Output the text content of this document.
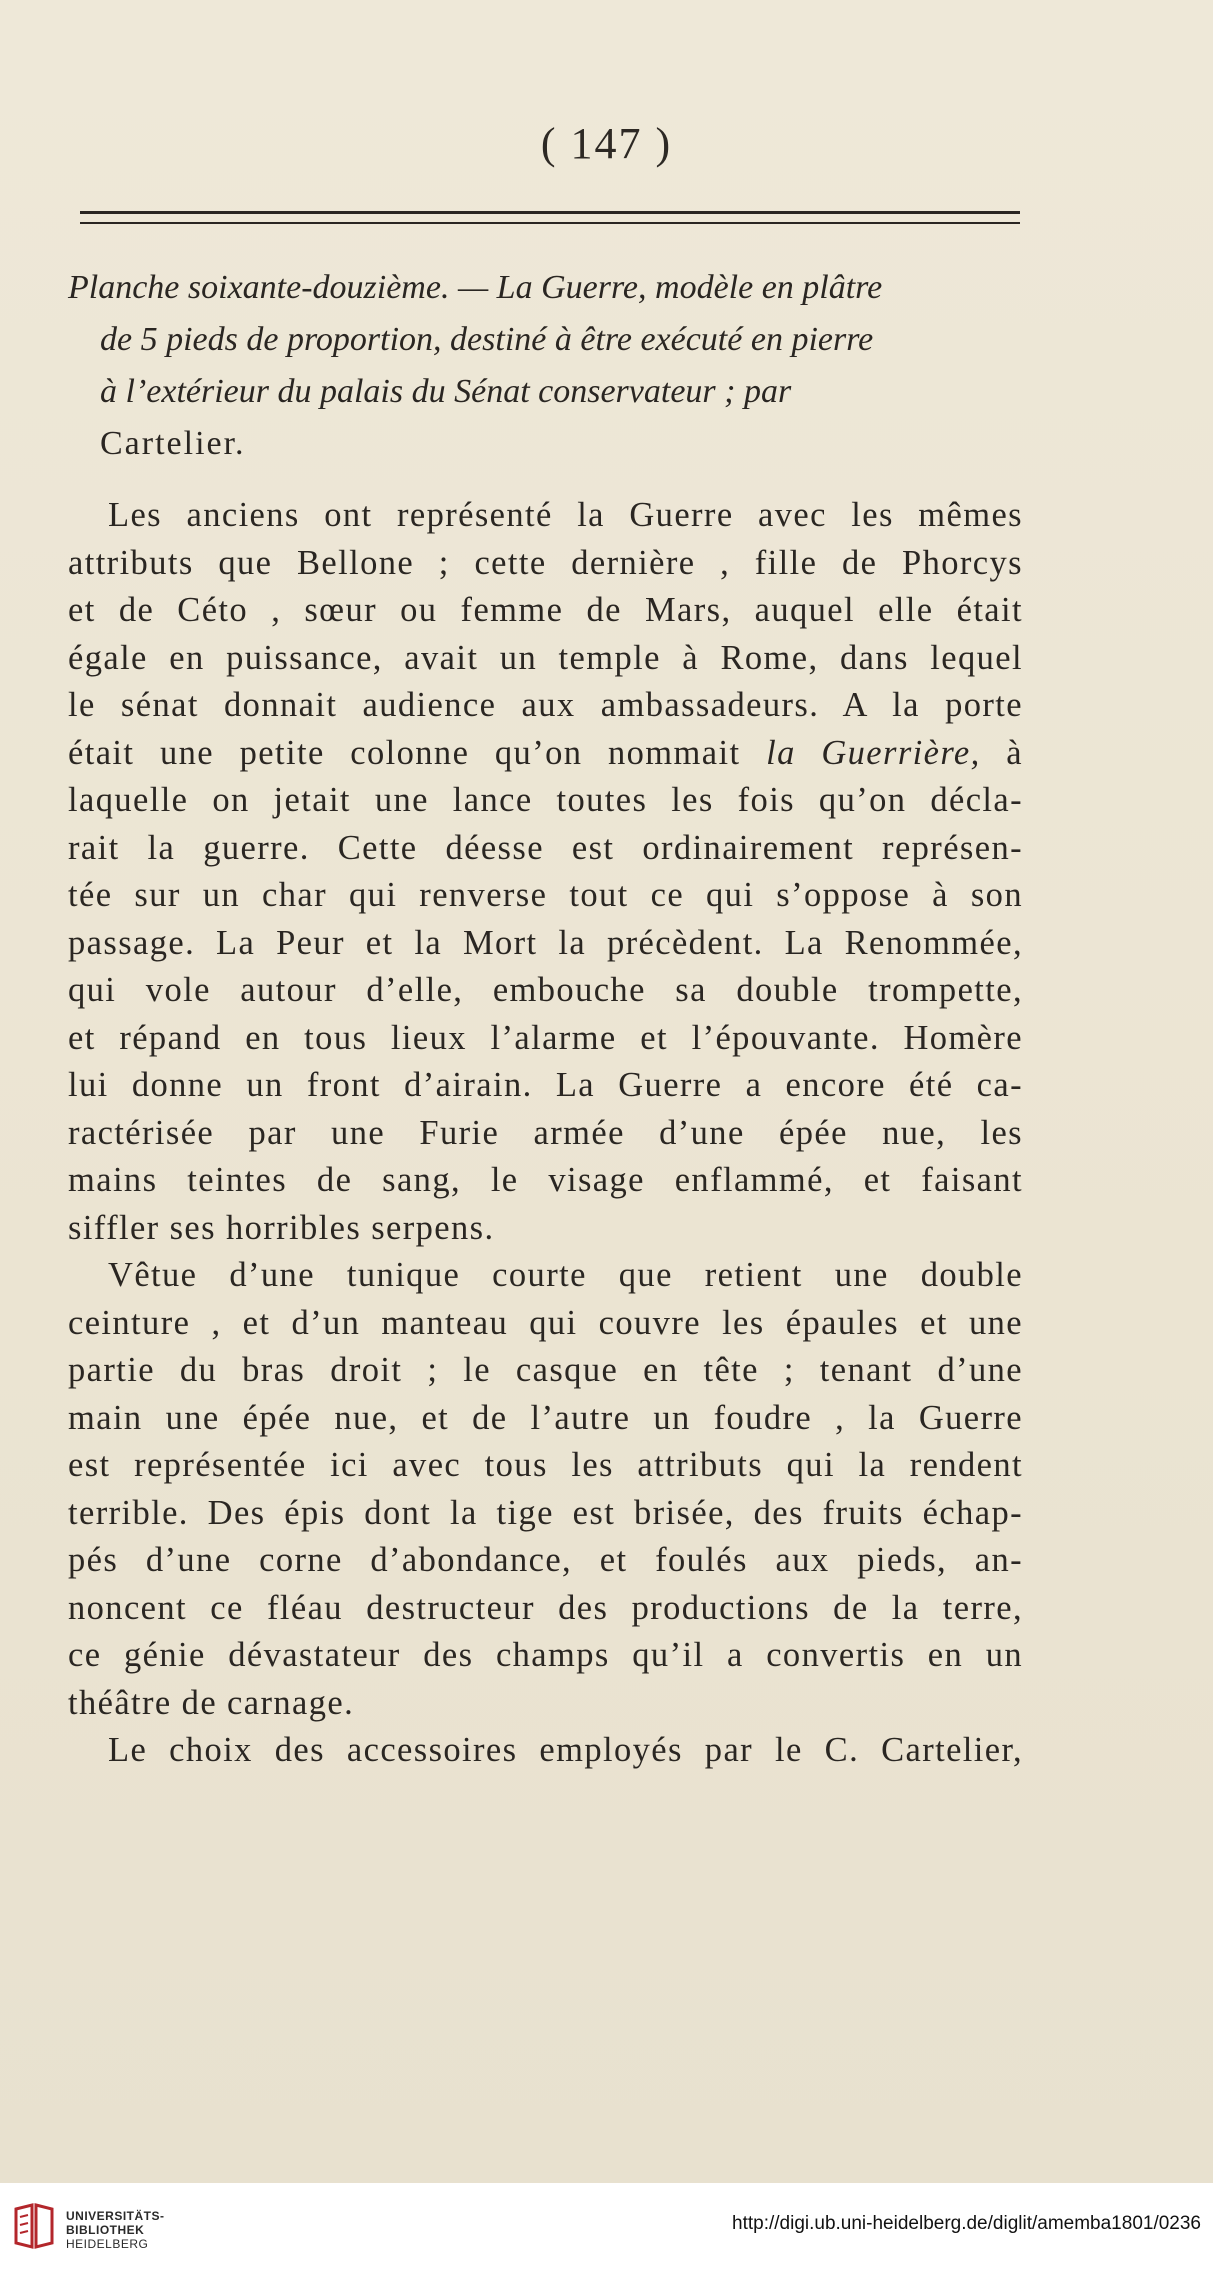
( 147 )
Planche soixante-douzième. — La Guerre, modèle en plâtre
de 5 pieds de proportion, destiné à être exécuté en pierre
à l’extérieur du palais du Sénat conservateur ; par
Cartelier.
Les anciens ont représenté la Guerre avec les mêmes
attributs que Bellone ; cette dernière , fille de Phorcys
et de Céto , sœur ou femme de Mars, auquel elle était
égale en puissance, avait un temple à Rome, dans lequel
le sénat donnait audience aux ambassadeurs. A la porte
était une petite colonne qu’on nommait la Guerrière, à
laquelle on jetait une lance toutes les fois qu’on décla-
rait la guerre. Cette déesse est ordinairement représen-
tée sur un char qui renverse tout ce qui s’oppose à son
passage. La Peur et la Mort la précèdent. La Renommée,
qui vole autour d’elle, embouche sa double trompette,
et répand en tous lieux l’alarme et l’épouvante. Homère
lui donne un front d’airain. La Guerre a encore été ca-
ractérisée par une Furie armée d’une épée nue, les
mains teintes de sang, le visage enflammé, et faisant
siffler ses horribles serpens.
Vêtue d’une tunique courte que retient une double
ceinture , et d’un manteau qui couvre les épaules et une
partie du bras droit ; le casque en tête ; tenant d’une
main une épée nue, et de l’autre un foudre , la Guerre
est représentée ici avec tous les attributs qui la rendent
terrible. Des épis dont la tige est brisée, des fruits échap-
pés d’une corne d’abondance, et foulés aux pieds, an-
noncent ce fléau destructeur des productions de la terre,
ce génie dévastateur des champs qu’il a convertis en un
théâtre de carnage.
Le choix des accessoires employés par le C. Cartelier,
UNIVERSITÄTS-
BIBLIOTHEK
HEIDELBERG
http://digi.ub.uni-heidelberg.de/diglit/amemba1801/0236
